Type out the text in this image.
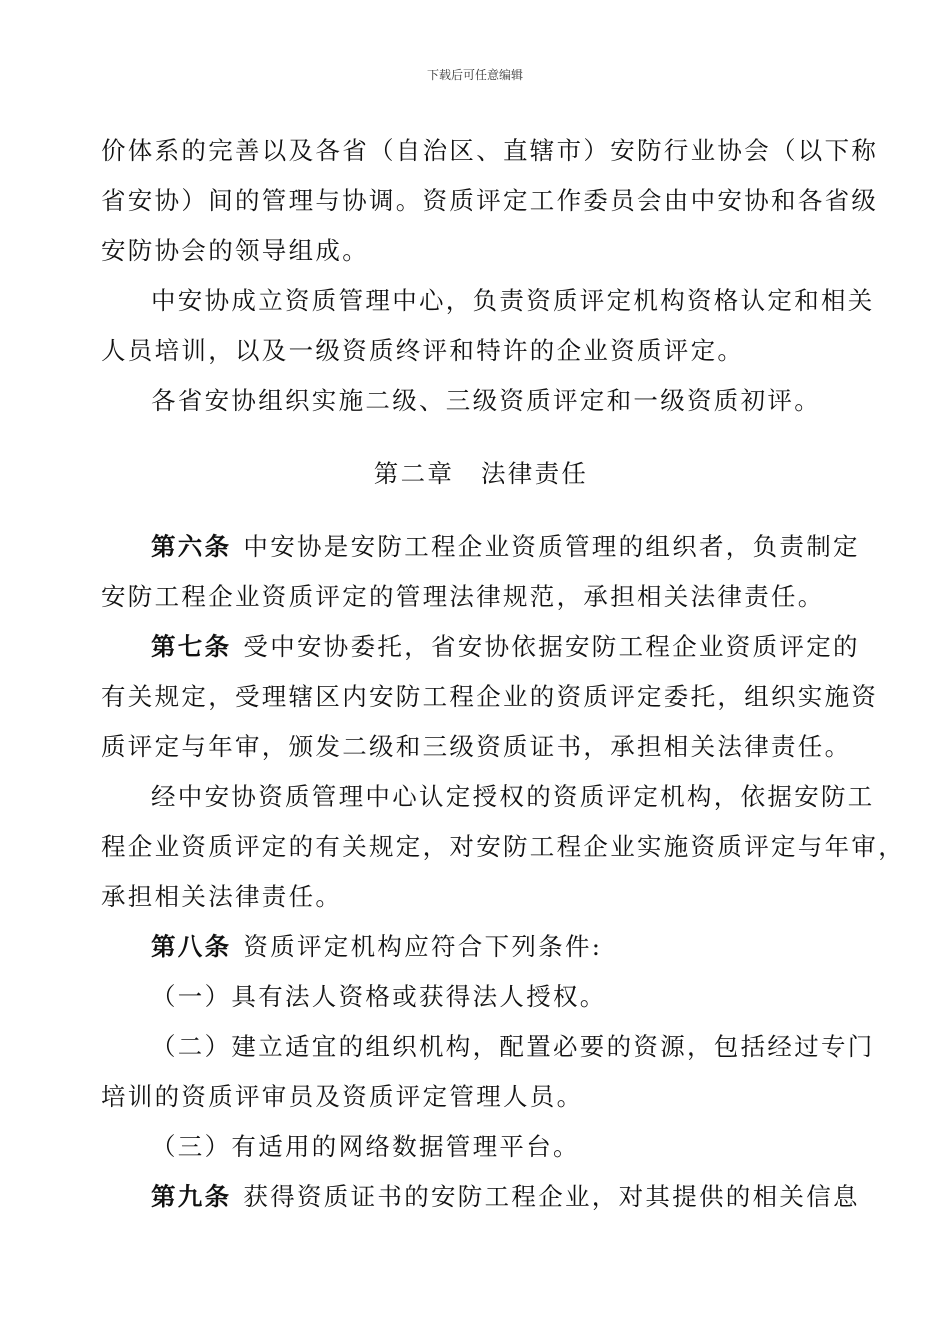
下载后可任意编辑
价体系的完善以及各省（自治区、直辖市）安防行业协会（以下称
省安协）间的管理与协调。资质评定工作委员会由中安协和各省级
安防协会的领导组成。
中安协成立资质管理中心，负责资质评定机构资格认定和相关
人员培训，以及一级资质终评和特许的企业资质评定。
各省安协组织实施二级、三级资质评定和一级资质初评。
第二章　法律责任
第六条 中安协是安防工程企业资质管理的组织者，负责制定
安防工程企业资质评定的管理法律规范，承担相关法律责任。
第七条 受中安协委托，省安协依据安防工程企业资质评定的
有关规定，受理辖区内安防工程企业的资质评定委托，组织实施资
质评定与年审，颁发二级和三级资质证书，承担相关法律责任。
经中安协资质管理中心认定授权的资质评定机构，依据安防工
程企业资质评定的有关规定，对安防工程企业实施资质评定与年审，
承担相关法律责任。
第八条 资质评定机构应符合下列条件:
（一）具有法人资格或获得法人授权。
（二）建立适宜的组织机构，配置必要的资源，包括经过专门
培训的资质评审员及资质评定管理人员。
（三）有适用的网络数据管理平台。
第九条 获得资质证书的安防工程企业，对其提供的相关信息
